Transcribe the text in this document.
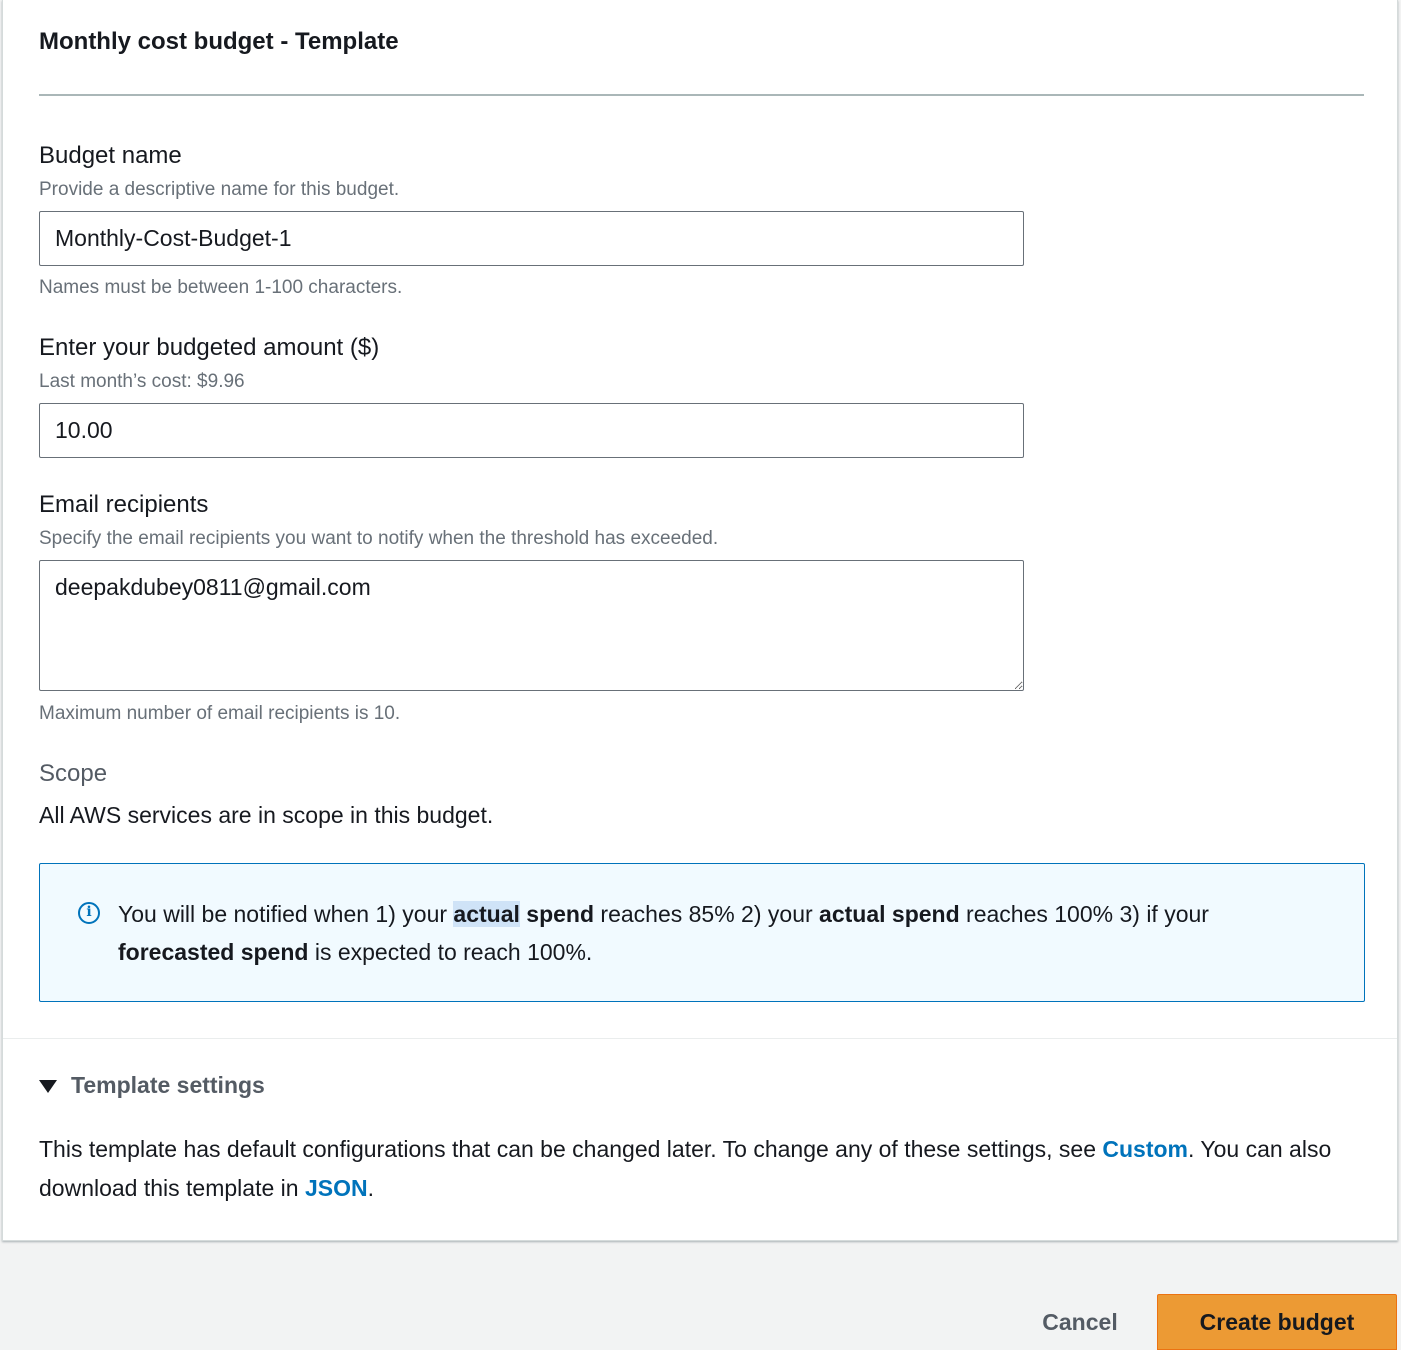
Monthly cost budget - Template
Budget name
Provide a descriptive name for this budget.
Monthly-Cost-Budget-1
Names must be between 1-100 characters.
Enter your budgeted amount ($)
Last month’s cost: $9.96
10.00
Email recipients
Specify the email recipients you want to notify when the threshold has exceeded.
deepakdubey0811@gmail.com
Maximum number of email recipients is 10.
Scope
All AWS services are in scope in this budget.
i	You will be notified when 1) your actual spend reaches 85% 2) your actual spend reaches 100% 3) if your forecasted spend is expected to reach 100%.
Template settings
This template has default configurations that can be changed later. To change any of these settings, see Custom. You can also download this template in JSON.
Cancel	Create budget
